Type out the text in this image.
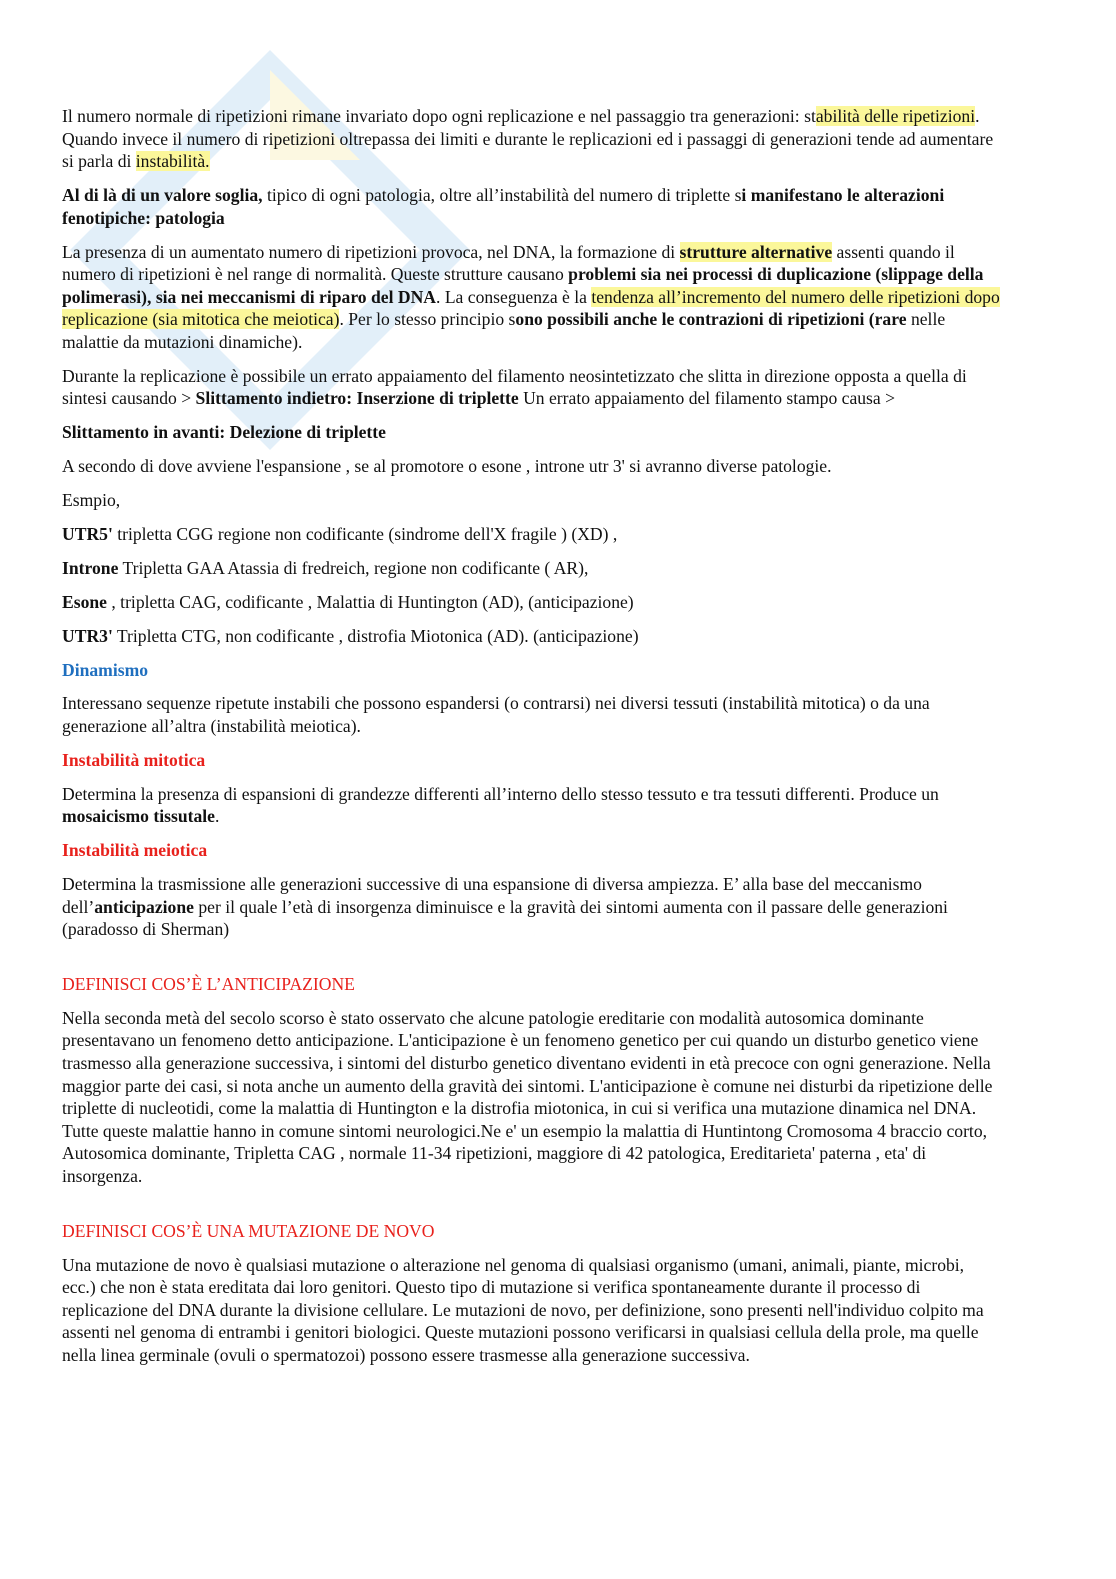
Il numero normale di ripetizioni rimane invariato dopo ogni replicazione e nel passaggio tra generazioni: stabilità delle ripetizioni. Quando invece il numero di ripetizioni oltrepassa dei limiti e durante le replicazioni ed i passaggi di generazioni tende ad aumentare si parla di instabilità.

Al di là di un valore soglia, tipico di ogni patologia, oltre all’instabilità del numero di triplette si manifestano le alterazioni fenotipiche: patologia

La presenza di un aumentato numero di ripetizioni provoca, nel DNA, la formazione di strutture alternative assenti quando il numero di ripetizioni è nel range di normalità. Queste strutture causano problemi sia nei processi di duplicazione (slippage della polimerasi), sia nei meccanismi di riparo del DNA. La conseguenza è la tendenza all’incremento del numero delle ripetizioni dopo replicazione (sia mitotica che meiotica). Per lo stesso principio sono possibili anche le contrazioni di ripetizioni (rare nelle malattie da mutazioni dinamiche).

Durante la replicazione è possibile un errato appaiamento del filamento neosintetizzato che slitta in direzione opposta a quella di sintesi causando > Slittamento indietro: Inserzione di triplette Un errato appaiamento del filamento stampo causa >

Slittamento in avanti: Delezione di triplette

A secondo di dove avviene l'espansione , se al promotore o esone , introne utr 3' si avranno diverse patologie.

Esmpio,

UTR5' tripletta CGG regione non codificante (sindrome dell'X fragile ) (XD) ,

Introne Tripletta GAA Atassia di fredreich, regione non codificante ( AR),

Esone , tripletta CAG, codificante , Malattia di Huntington (AD), (anticipazione)

UTR3' Tripletta CTG, non codificante , distrofia Miotonica (AD). (anticipazione)

Dinamismo

Interessano sequenze ripetute instabili che possono espandersi (o contrarsi) nei diversi tessuti (instabilità mitotica) o da una generazione all’altra (instabilità meiotica).

Instabilità mitotica

Determina la presenza di espansioni di grandezze differenti all’interno dello stesso tessuto e tra tessuti differenti. Produce un mosaicismo tissutale.

Instabilità meiotica

Determina la trasmissione alle generazioni successive di una espansione di diversa ampiezza. E’ alla base del meccanismo dell’anticipazione per il quale l’età di insorgenza diminuisce e la gravità dei sintomi aumenta con il passare delle generazioni (paradosso di Sherman)

DEFINISCI COS’È L’ANTICIPAZIONE

Nella seconda metà del secolo scorso è stato osservato che alcune patologie ereditarie con modalità autosomica dominante presentavano un fenomeno detto anticipazione. L'anticipazione è un fenomeno genetico per cui quando un disturbo genetico viene trasmesso alla generazione successiva, i sintomi del disturbo genetico diventano evidenti in età precoce con ogni generazione. Nella maggior parte dei casi, si nota anche un aumento della gravità dei sintomi. L'anticipazione è comune nei disturbi da ripetizione delle triplette di nucleotidi, come la malattia di Huntington e la distrofia miotonica, in cui si verifica una mutazione dinamica nel DNA. Tutte queste malattie hanno in comune sintomi neurologici.Ne e' un esempio la malattia di Huntintong Cromosoma 4 braccio corto, Autosomica dominante, Tripletta CAG , normale 11-34 ripetizioni, maggiore di 42 patologica, Ereditarieta' paterna , eta' di insorgenza.

DEFINISCI COS’È UNA MUTAZIONE DE NOVO

Una mutazione de novo è qualsiasi mutazione o alterazione nel genoma di qualsiasi organismo (umani, animali, piante, microbi, ecc.) che non è stata ereditata dai loro genitori. Questo tipo di mutazione si verifica spontaneamente durante il processo di replicazione del DNA durante la divisione cellulare. Le mutazioni de novo, per definizione, sono presenti nell'individuo colpito ma assenti nel genoma di entrambi i genitori biologici. Queste mutazioni possono verificarsi in qualsiasi cellula della prole, ma quelle nella linea germinale (ovuli o spermatozoi) possono essere trasmesse alla generazione successiva.
